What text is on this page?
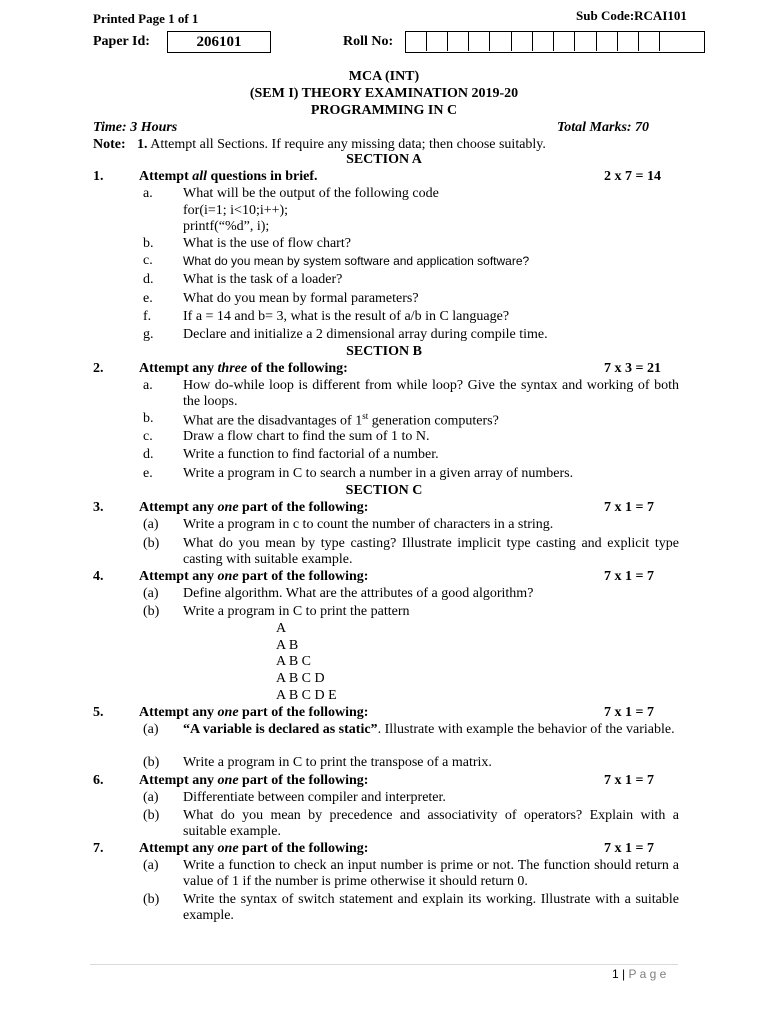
Printed Page 1 of 1	Sub Code:RCAI101
Paper Id:	206101	Roll No:
MCA (INT)
(SEM I) THEORY EXAMINATION 2019-20
PROGRAMMING IN C
Time: 3 Hours	Total Marks: 70
Note: 1. Attempt all Sections. If require any missing data; then choose suitably.
SECTION A
1.	Attempt all questions in brief.	2 x 7 = 14
a. What will be the output of the following code
for(i=1; i<10;i++);
printf(“%d”, i);
b. What is the use of flow chart?
c.	What do you mean by system software and application software?
d. What is the task of a loader?
e. What do you mean by formal parameters?
f. If a = 14 and b= 3, what is the result of a/b in C language?
g. Declare and initialize a 2 dimensional array during compile time.
SECTION B
2.	Attempt any three of the following:	7 x 3 = 21
a. How do-while loop is different from while loop? Give the syntax and working of both the loops.
b. What are the disadvantages of 1st generation computers?
c. Draw a flow chart to find the sum of 1 to N.
d. Write a function to find factorial of a number.
e. Write a program in C to search a number in a given array of numbers.
SECTION C
3.	Attempt any one part of the following:	7 x 1 = 7
(a) Write a program in c to count the number of characters in a string.
(b) What do you mean by type casting? Illustrate implicit type casting and explicit type casting with suitable example.
4.	Attempt any one part of the following:	7 x 1 = 7
(a) Define algorithm. What are the attributes of a good algorithm?
(b) Write a program in C to print the pattern
A
A B
A B C
A B C D
A B C D E
5.	Attempt any one part of the following:	7 x 1 = 7
(a) “A variable is declared as static”. Illustrate with example the behavior of the variable.
(b) Write a program in C to print the transpose of a matrix.
6.	Attempt any one part of the following:	7 x 1 = 7
(a) Differentiate between compiler and interpreter.
(b) What do you mean by precedence and associativity of operators? Explain with a suitable example.
7.	Attempt any one part of the following:	7 x 1 = 7
(a) Write a function to check an input number is prime or not. The function should return a value of 1 if the number is prime otherwise it should return 0.
(b) Write the syntax of switch statement and explain its working. Illustrate with a suitable example.
1 | P a g e
